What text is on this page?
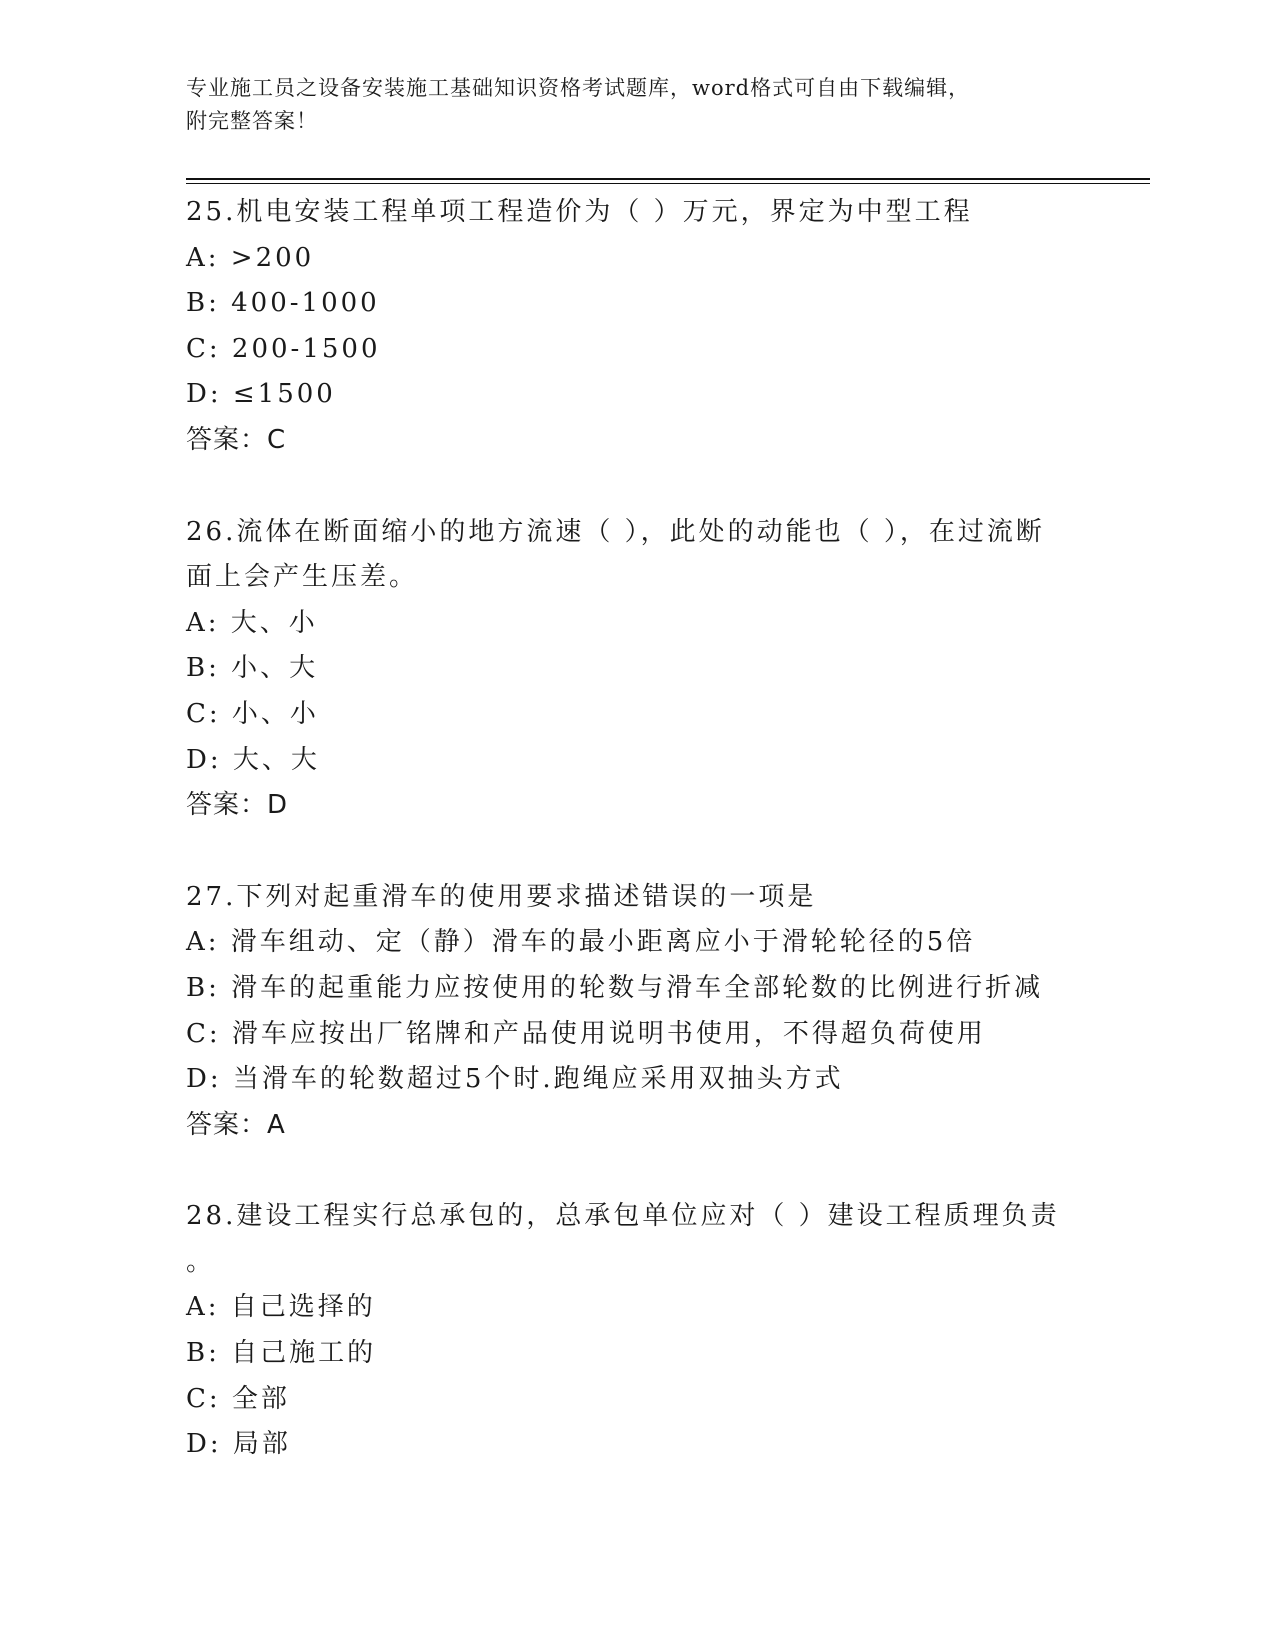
专业施工员之设备安装施工基础知识资格考试题库，word格式可自由下载编辑，
附完整答案！
25.机电安装工程单项工程造价为（ ）万元，界定为中型工程
A: >200
B: 400-1000
C: 200-1500
D: ≤1500
答案：C
26.流体在断面缩小的地方流速（ ），此处的动能也（ ），在过流断
面上会产生压差。
A: 大、小
B: 小、大
C: 小、小
D: 大、大
答案：D
27.下列对起重滑车的使用要求描述错误的一项是
A: 滑车组动、定（静）滑车的最小距离应小于滑轮轮径的5倍
B: 滑车的起重能力应按使用的轮数与滑车全部轮数的比例进行折减
C: 滑车应按出厂铭牌和产品使用说明书使用，不得超负荷使用
D: 当滑车的轮数超过5个时.跑绳应采用双抽头方式
答案：A
28.建设工程实行总承包的，总承包单位应对（ ）建设工程质理负责
。
A: 自己选择的
B: 自己施工的
C: 全部
D: 局部
